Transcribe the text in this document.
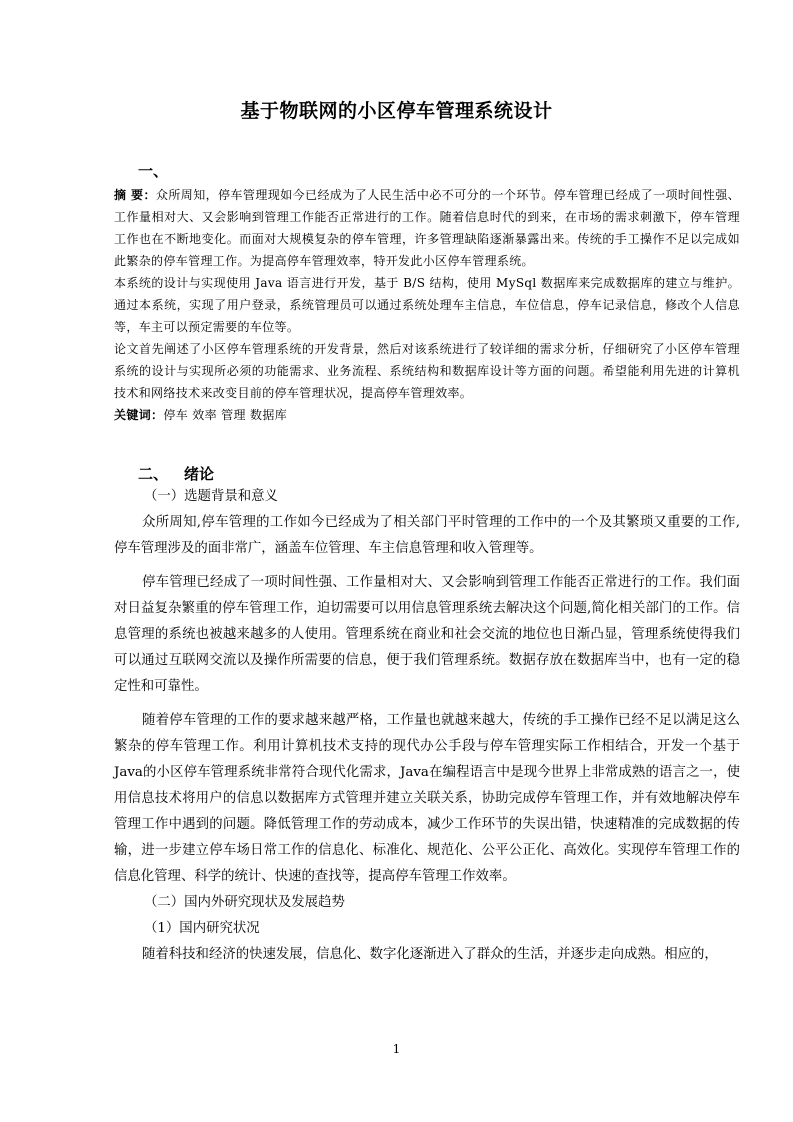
基于物联网的小区停车管理系统设计
一、

摘 要：众所周知，停车管理现如今已经成为了人民生活中必不可分的一个环节。停车管理已经成了一项时间性强、工作量相对大、又会影响到管理工作能否正常进行的工作。随着信息时代的到来，在市场的需求刺激下，停车管理工作也在不断地变化。而面对大规模复杂的停车管理，许多管理缺陷逐渐暴露出来。传统的手工操作不足以完成如此繁杂的停车管理工作。为提高停车管理效率，特开发此小区停车管理系统。

本系统的设计与实现使用 Java 语言进行开发，基于 B/S 结构，使用 MySql 数据库来完成数据库的建立与维护。通过本系统，实现了用户登录，系统管理员可以通过系统处理车主信息，车位信息，停车记录信息，修改个人信息等，车主可以预定需要的车位等。

论文首先阐述了小区停车管理系统的开发背景，然后对该系统进行了较详细的需求分析，仔细研究了小区停车管理系统的设计与实现所必须的功能需求、业务流程、系统结构和数据库设计等方面的问题。希望能利用先进的计算机技术和网络技术来改变目前的停车管理状况，提高停车管理效率。

关键词：停车 效率 管理 数据库

二、 绪论

（一）选题背景和意义

众所周知,停车管理的工作如今已经成为了相关部门平时管理的工作中的一个及其繁琐又重要的工作, 停车管理涉及的面非常广，涵盖车位管理、车主信息管理和收入管理等。

停车管理已经成了一项时间性强、工作量相对大、又会影响到管理工作能否正常进行的工作。我们面对日益复杂繁重的停车管理工作，迫切需要可以用信息管理系统去解决这个问题,简化相关部门的工作。信息管理的系统也被越来越多的人使用。管理系统在商业和社会交流的地位也日渐凸显，管理系统使得我们可以通过互联网交流以及操作所需要的信息，便于我们管理系统。数据存放在数据库当中，也有一定的稳定性和可靠性。

随着停车管理的工作的要求越来越严格，工作量也就越来越大，传统的手工操作已经不足以满足这么繁杂的停车管理工作。利用计算机技术支持的现代办公手段与停车管理实际工作相结合，开发一个基于 Java的小区停车管理系统非常符合现代化需求，Java在编程语言中是现今世界上非常成熟的语言之一，使用信息技术将用户的信息以数据库方式管理并建立关联关系，协助完成停车管理工作，并有效地解决停车管理工作中遇到的问题。降低管理工作的劳动成本，减少工作环节的失误出错，快速精准的完成数据的传输，进一步建立停车场日常工作的信息化、标准化、规范化、公平公正化、高效化。实现停车管理工作的信息化管理、科学的统计、快速的查找等，提高停车管理工作效率。

（二）国内外研究现状及发展趋势

（1）国内研究状况

随着科技和经济的快速发展，信息化、数字化逐渐进入了群众的生活，并逐步走向成熟。相应的，

1
